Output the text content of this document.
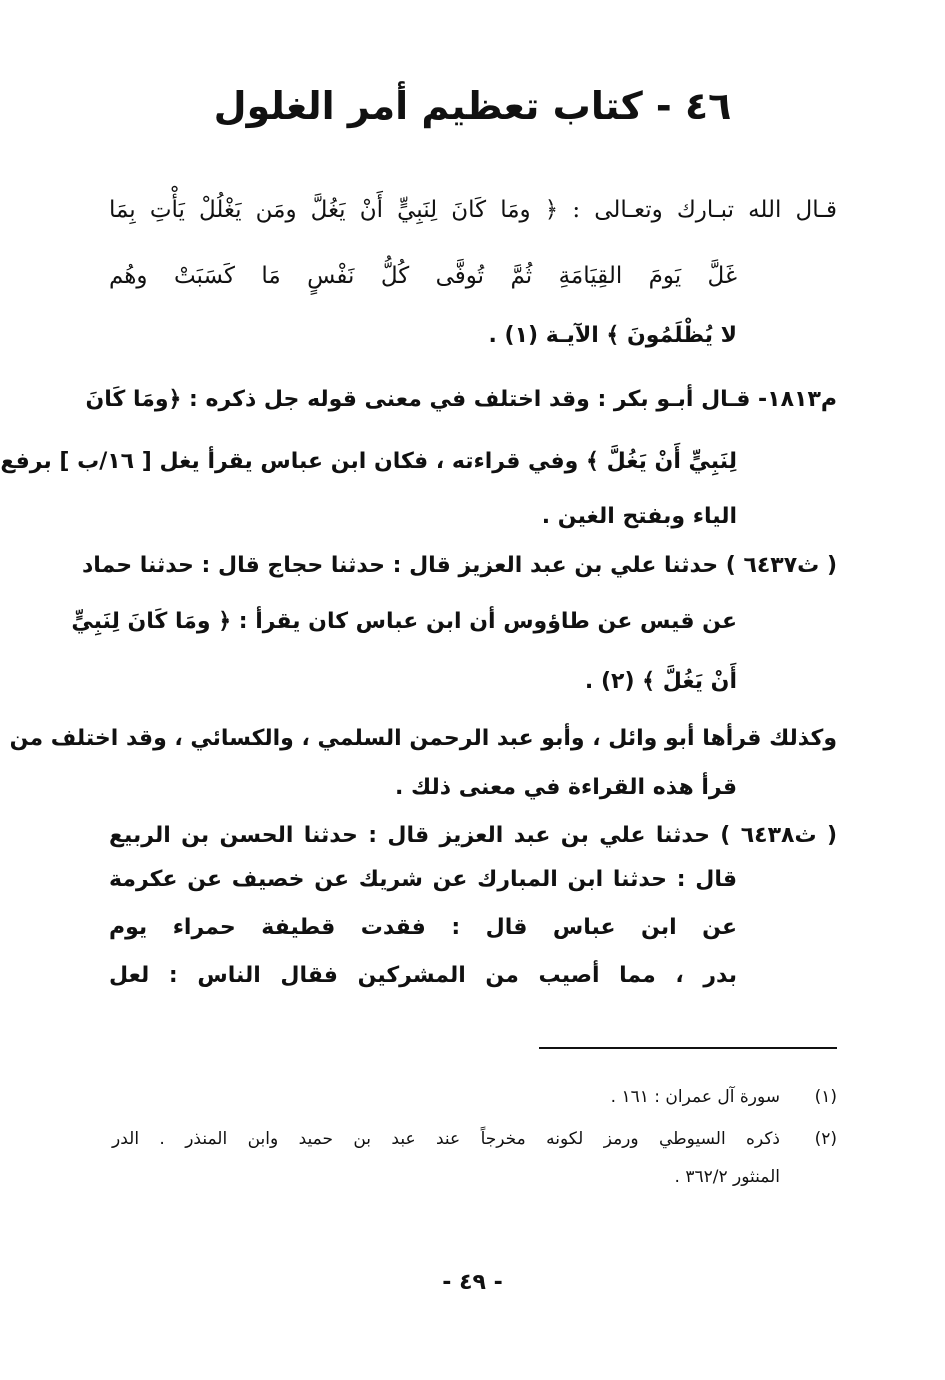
٤٦ - كتاب تعظيم أمر الغلول
قـال الله تبـارك وتعـالى : ﴿ ومَا كَانَ لِنَبِيٍّ أَنْ يَغُلَّ ومَن يَغْلُلْ يَأْتِ بِمَا
غَلَّ يَومَ القِيَامَةِ ثُمَّ تُوفَّى كُلُّ نَفْسٍ مَا كَسَبَتْ وهُم
لا يُظْلَمُونَ ﴾ الآيـة (١) .
م١٨١٣- قـال أبـو بكر : وقد اختلف في معنى قوله جل ذكره : ﴿ومَا كَانَ
لِنَبِيٍّ أَنْ يَغُلَّ ﴾ وفي قراءته ، فكان ابن عباس يقرأ يغل [ ١٦/ب ] برفع
الياء وبفتح الغين .
( ث٦٤٣٧ ) حدثنا علي بن عبد العزيز قال : حدثنا حجاج قال : حدثنا حماد
عن قيس عن طاؤوس أن ابن عباس كان يقرأ : ﴿ ومَا كَانَ لِنَبِيٍّ
أَنْ يَغُلَّ ﴾ (٢) .
وكذلك قرأها أبو وائل ، وأبو عبد الرحمن السلمي ، والكسائي ، وقد اختلف من
قرأ هذه القراءة في معنى ذلك .
( ث٦٤٣٨ ) حدثنا علي بن عبد العزيز قال : حدثنا الحسن بن الربيع
قال : حدثنا ابن المبارك عن شريك عن خصيف عن عكرمة
عن ابن عباس قال : فقدت قطيفة حمراء يوم
بدر ، مما أصيب من المشركين فقال الناس : لعل
(١)
سورة آل عمران : ١٦١ .
(٢)
ذكره السيوطي ورمز لكونه مخرجاً عند عبد بن حميد وابن المنذر . الدر
المنثور ٣٦٢/٢ .
- ٤٩ -
